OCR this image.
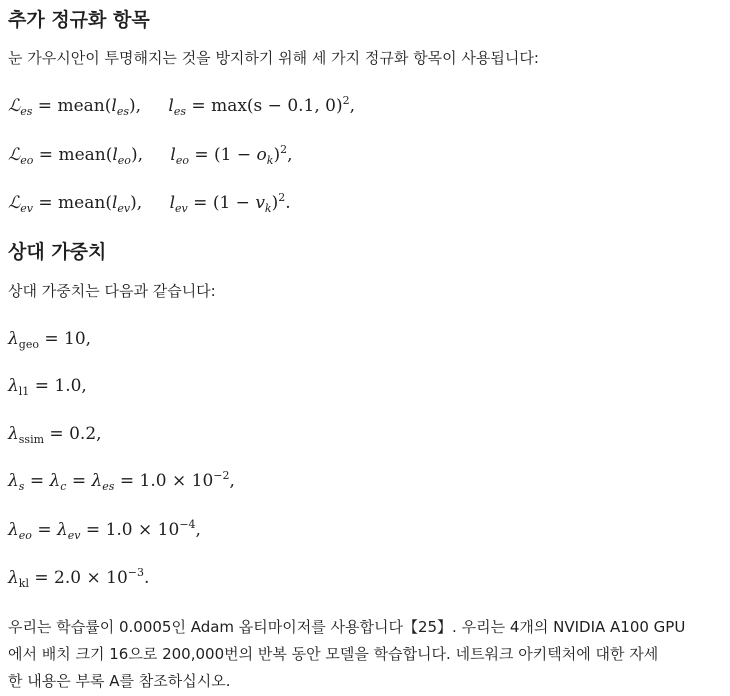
추가 정규화 항목

눈 가우시안이 투명해지는 것을 방지하기 위해 세 가지 정규화 항목이 사용됩니다:

ℒ$_{es}$ = $mean(l_{es})$, $l_{es} = \max(s - 0.1$, 0)$^2$,
ℒ$_{eo}$ = $mean(l_{eo})$, $l_{eo} = (1 - o_k)^2$,
ℒ$_{ev}$ = $mean(l_{ev})$, $l_{ev} = (1 - v_k)^2$.
상대 가중치

상대 가중치는 다음과 같습니다:

$\lambda_{geo} = 10$,
$\lambda_{l1} = 1.0$,
$\lambda_{ssim} = 0.2$,
$\lambda_s = \lambda_c = \lambda_{es} = 1.0 \times 10^{-2}$,
$\lambda_{eo} = \lambda_{ev} = 1.0 \times 10^{-4}$,
$\lambda_{kl} = 2.0 \times 10^{-3}$.

우리는 학습률이 0.0005인 Adam 옵티마이저를 사용합니다【25】. 우리는 4개의 NVIDIA A100 GPU

에서 배치 크기 16으로 200,000번의 반복 동안 모델을 학습합니다. 네트워크 아키텍처에 대한 자세

한 내용은 부록 A를 참조하십시오.
